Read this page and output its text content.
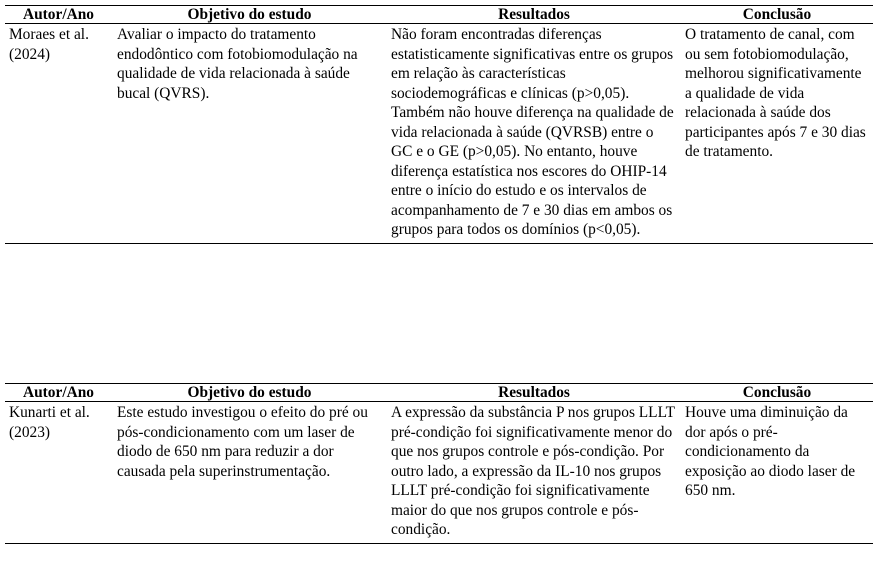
Autor/Ano	Objetivo do estudo	Resultados	Conclusão

Moraes et al. (2024)	Avaliar o impacto do tratamento endodôntico com fotobiomodulação na qualidade de vida relacionada à saúde bucal (QVRS).	Não foram encontradas diferenças estatisticamente significativas entre os grupos em relação às características sociodemográficas e clínicas (p>0,05). Também não houve diferença na qualidade de vida relacionada à saúde (QVRSB) entre o GC e o GE (p>0,05). No entanto, houve diferença estatística nos escores do OHIP-14 entre o início do estudo e os intervalos de acompanhamento de 7 e 30 dias em ambos os grupos para todos os domínios (p<0,05).	O tratamento de canal, com ou sem fotobiomodulação, melhorou significativamente a qualidade de vida relacionada à saúde dos participantes após 7 e 30 dias de tratamento.
Autor/Ano	Objetivo do estudo	Resultados	Conclusão

Kunarti et al. (2023)	Este estudo investigou o efeito do pré ou pós-condicionamento com um laser de diodo de 650 nm para reduzir a dor causada pela superinstrumentação.	A expressão da substância P nos grupos LLLT pré-condição foi significativamente menor do que nos grupos controle e pós-condição. Por outro lado, a expressão da IL-10 nos grupos LLLT pré-condição foi significativamente maior do que nos grupos controle e pós-condição.	Houve uma diminuição da dor após o pré-condicionamento da exposição ao diodo laser de 650 nm.
